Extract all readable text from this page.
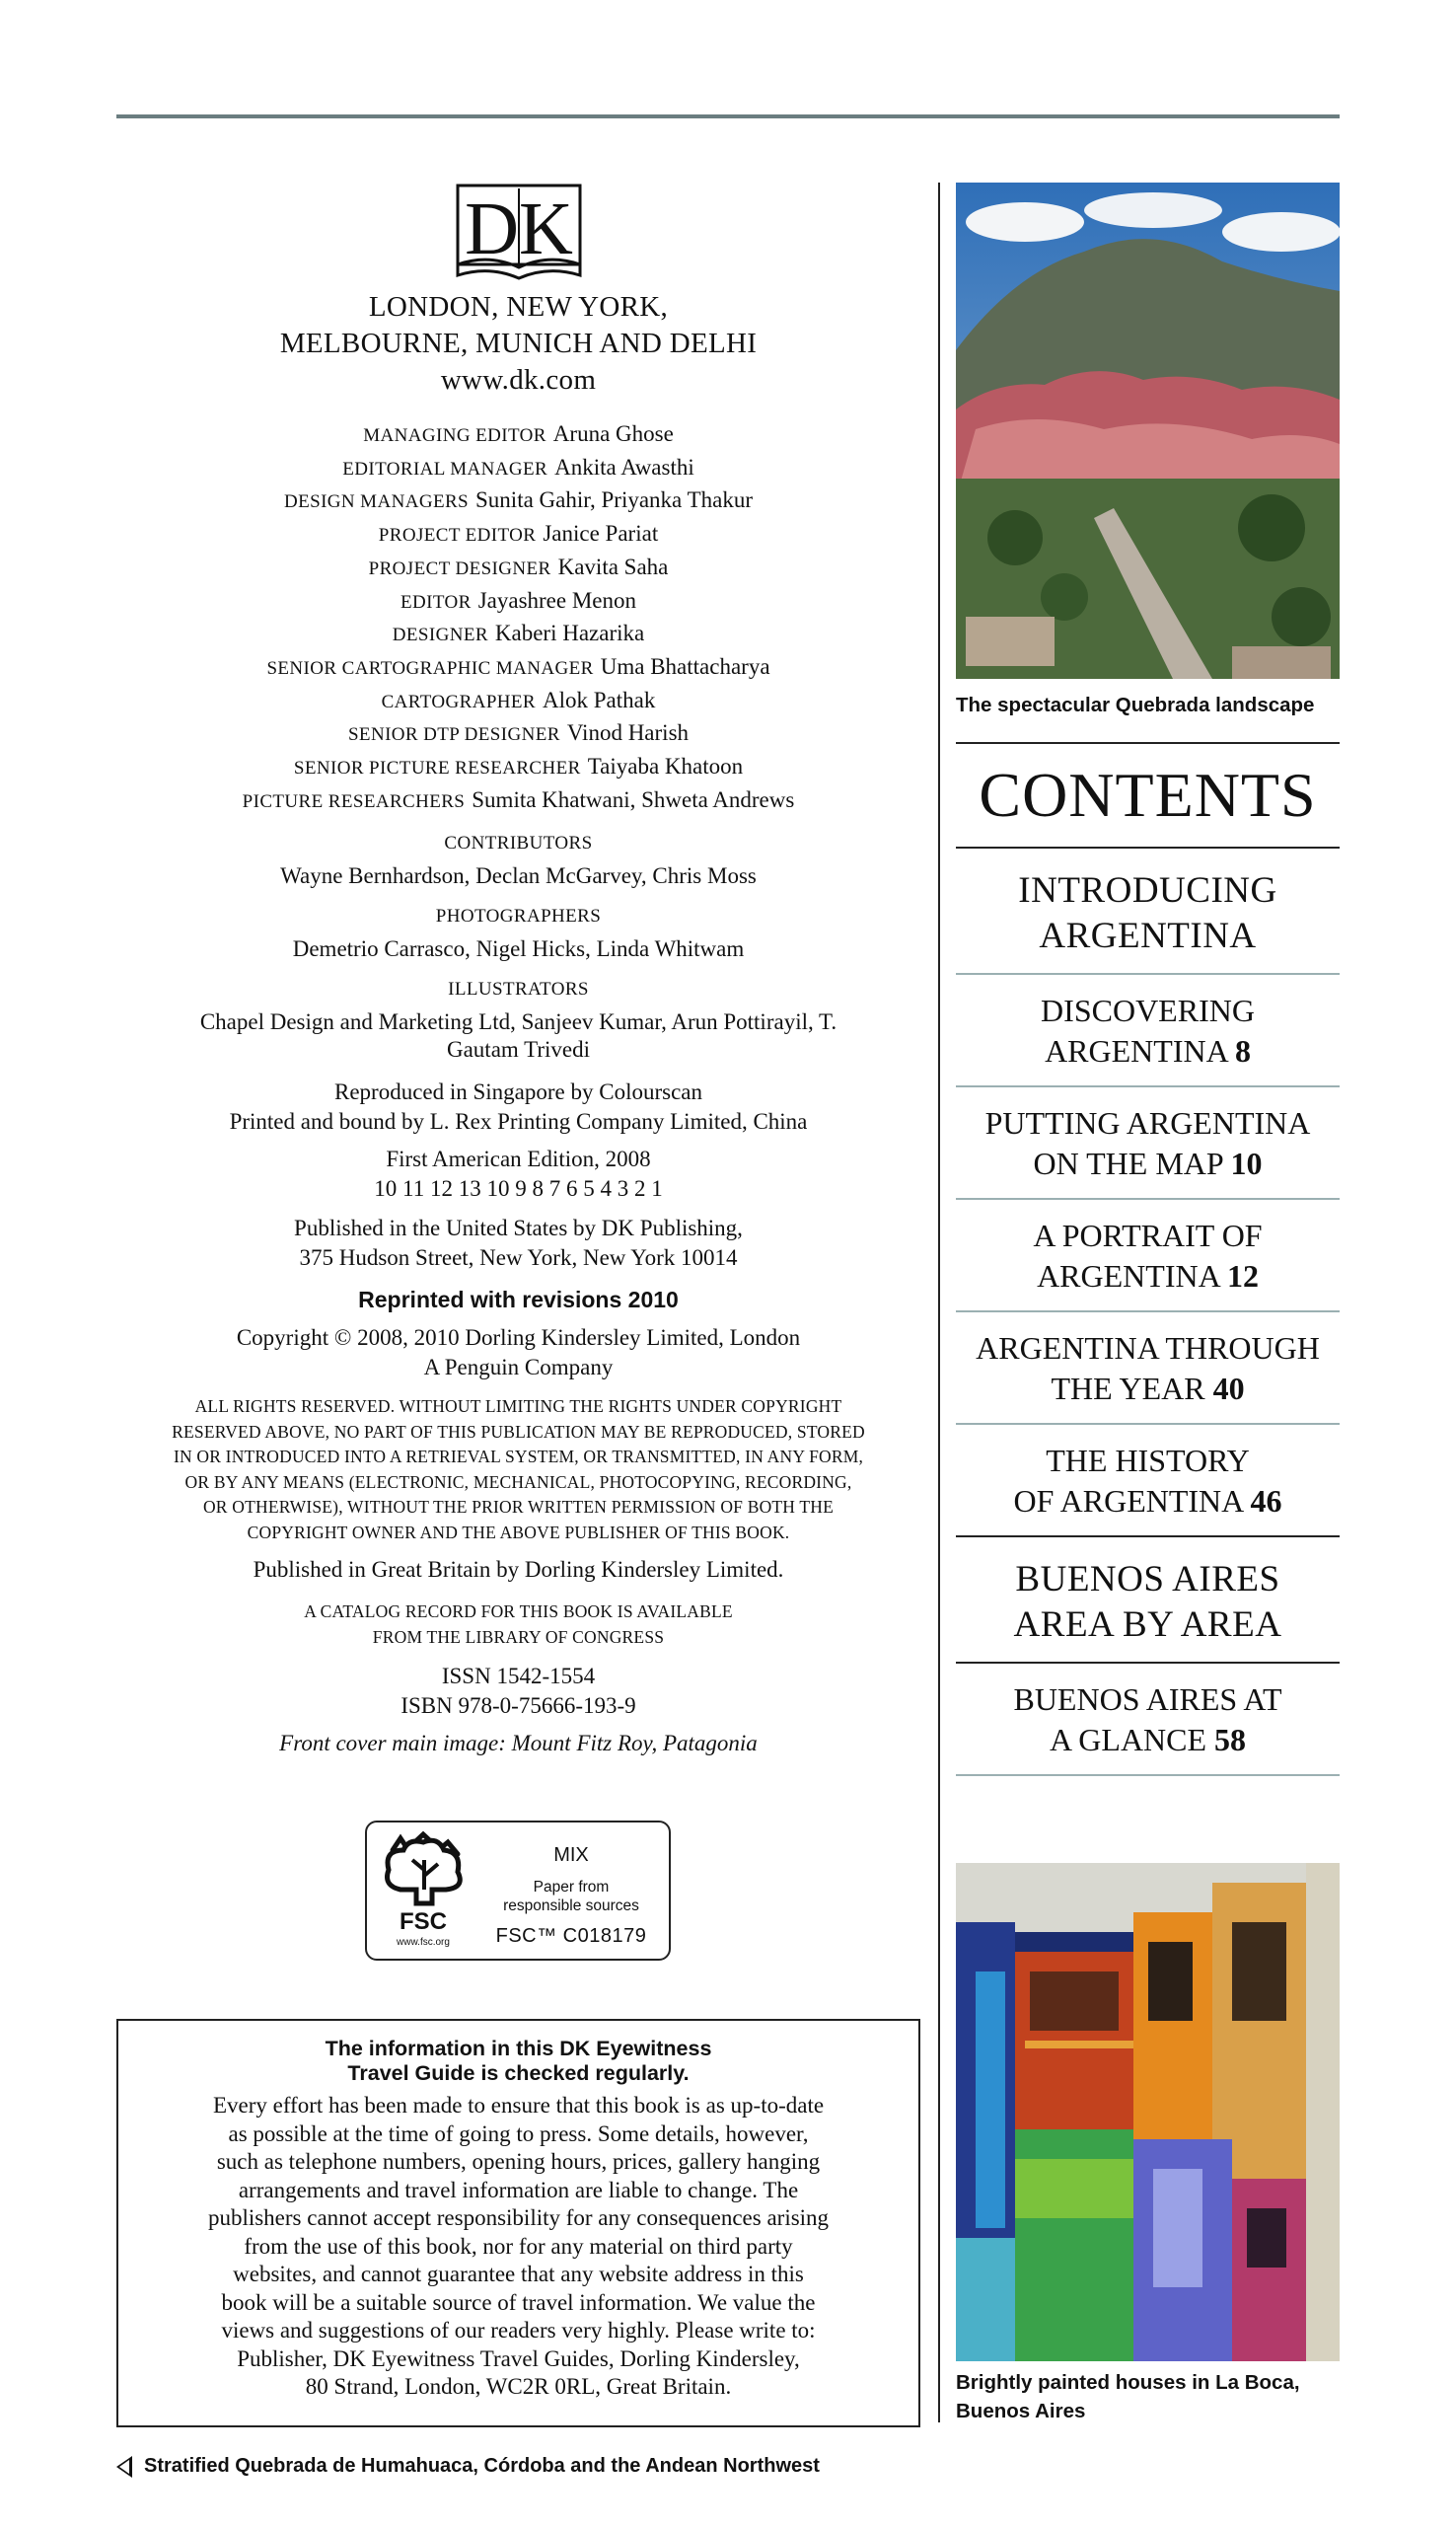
DK
LONDON, NEW YORK,
MELBOURNE, MUNICH AND DELHI
www.dk.com
MANAGING EDITOR Aruna Ghose
EDITORIAL MANAGER Ankita Awasthi
DESIGN MANAGERS Sunita Gahir, Priyanka Thakur
PROJECT EDITOR Janice Pariat
PROJECT DESIGNER Kavita Saha
EDITOR Jayashree Menon
DESIGNER Kaberi Hazarika
SENIOR CARTOGRAPHIC MANAGER Uma Bhattacharya
CARTOGRAPHER Alok Pathak
SENIOR DTP DESIGNER Vinod Harish
SENIOR PICTURE RESEARCHER Taiyaba Khatoon
PICTURE RESEARCHERS Sumita Khatwani, Shweta Andrews
CONTRIBUTORS
Wayne Bernhardson, Declan McGarvey, Chris Moss
PHOTOGRAPHERS
Demetrio Carrasco, Nigel Hicks, Linda Whitwam
ILLUSTRATORS
Chapel Design and Marketing Ltd, Sanjeev Kumar, Arun Pottirayil, T.
Gautam Trivedi
Reproduced in Singapore by Colourscan
Printed and bound by L. Rex Printing Company Limited, China
First American Edition, 2008
10 11 12 13 10 9 8 7 6 5 4 3 2 1
Published in the United States by DK Publishing,
375 Hudson Street, New York, New York 10014
Reprinted with revisions 2010
Copyright © 2008, 2010 Dorling Kindersley Limited, London
A Penguin Company
ALL RIGHTS RESERVED. WITHOUT LIMITING THE RIGHTS UNDER COPYRIGHT
RESERVED ABOVE, NO PART OF THIS PUBLICATION MAY BE REPRODUCED, STORED
IN OR INTRODUCED INTO A RETRIEVAL SYSTEM, OR TRANSMITTED, IN ANY FORM,
OR BY ANY MEANS (ELECTRONIC, MECHANICAL, PHOTOCOPYING, RECORDING,
OR OTHERWISE), WITHOUT THE PRIOR WRITTEN PERMISSION OF BOTH THE
COPYRIGHT OWNER AND THE ABOVE PUBLISHER OF THIS BOOK.
Published in Great Britain by Dorling Kindersley Limited.
A CATALOG RECORD FOR THIS BOOK IS AVAILABLE
FROM THE LIBRARY OF CONGRESS
ISSN 1542-1554
ISBN 978-0-75666-193-9
Front cover main image: Mount Fitz Roy, Patagonia
FSC
www.fsc.org
MIX
Paper from
responsible sources
FSC™ C018179
The information in this DK Eyewitness
Travel Guide is checked regularly.
Every effort has been made to ensure that this book is as up-to-date
as possible at the time of going to press. Some details, however,
such as telephone numbers, opening hours, prices, gallery hanging
arrangements and travel information are liable to change. The
publishers cannot accept responsibility for any consequences arising
from the use of this book, nor for any material on third party
websites, and cannot guarantee that any website address in this
book will be a suitable source of travel information. We value the
views and suggestions of our readers very highly. Please write to:
Publisher, DK Eyewitness Travel Guides, Dorling Kindersley,
80 Strand, London, WC2R 0RL, Great Britain.
Stratified Quebrada de Humahuaca, Córdoba and the Andean Northwest
The spectacular Quebrada landscape
CONTENTS
INTRODUCING
ARGENTINA
DISCOVERING
ARGENTINA 8
PUTTING ARGENTINA
ON THE MAP 10
A PORTRAIT OF
ARGENTINA 12
ARGENTINA THROUGH
THE YEAR 40
THE HISTORY
OF ARGENTINA 46
BUENOS AIRES
AREA BY AREA
BUENOS AIRES AT
A GLANCE 58
Brightly painted houses in La Boca,
Buenos Aires
